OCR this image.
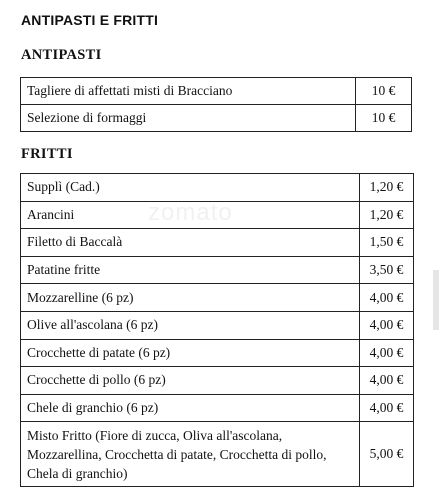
ANTIPASTI E FRITTI
zomato
ANTIPASTI
Tagliere di affettati misti di Bracciano	10 €
Selezione di formaggi	10 €
FRITTI
Supplì (Cad.)	1,20 €
Arancini	1,20 €
Filetto di Baccalà	1,50 €
Patatine fritte	3,50 €
Mozzarelline (6 pz)	4,00 €
Olive all'ascolana (6 pz)	4,00 €
Crocchette di patate (6 pz)	4,00 €
Crocchette di pollo (6 pz)	4,00 €
Chele di granchio (6 pz)	4,00 €
Misto Fritto (Fiore di zucca, Oliva all'ascolana, Mozzarellina, Crocchetta di patate, Crocchetta di pollo, Chela di granchio)	5,00 €
